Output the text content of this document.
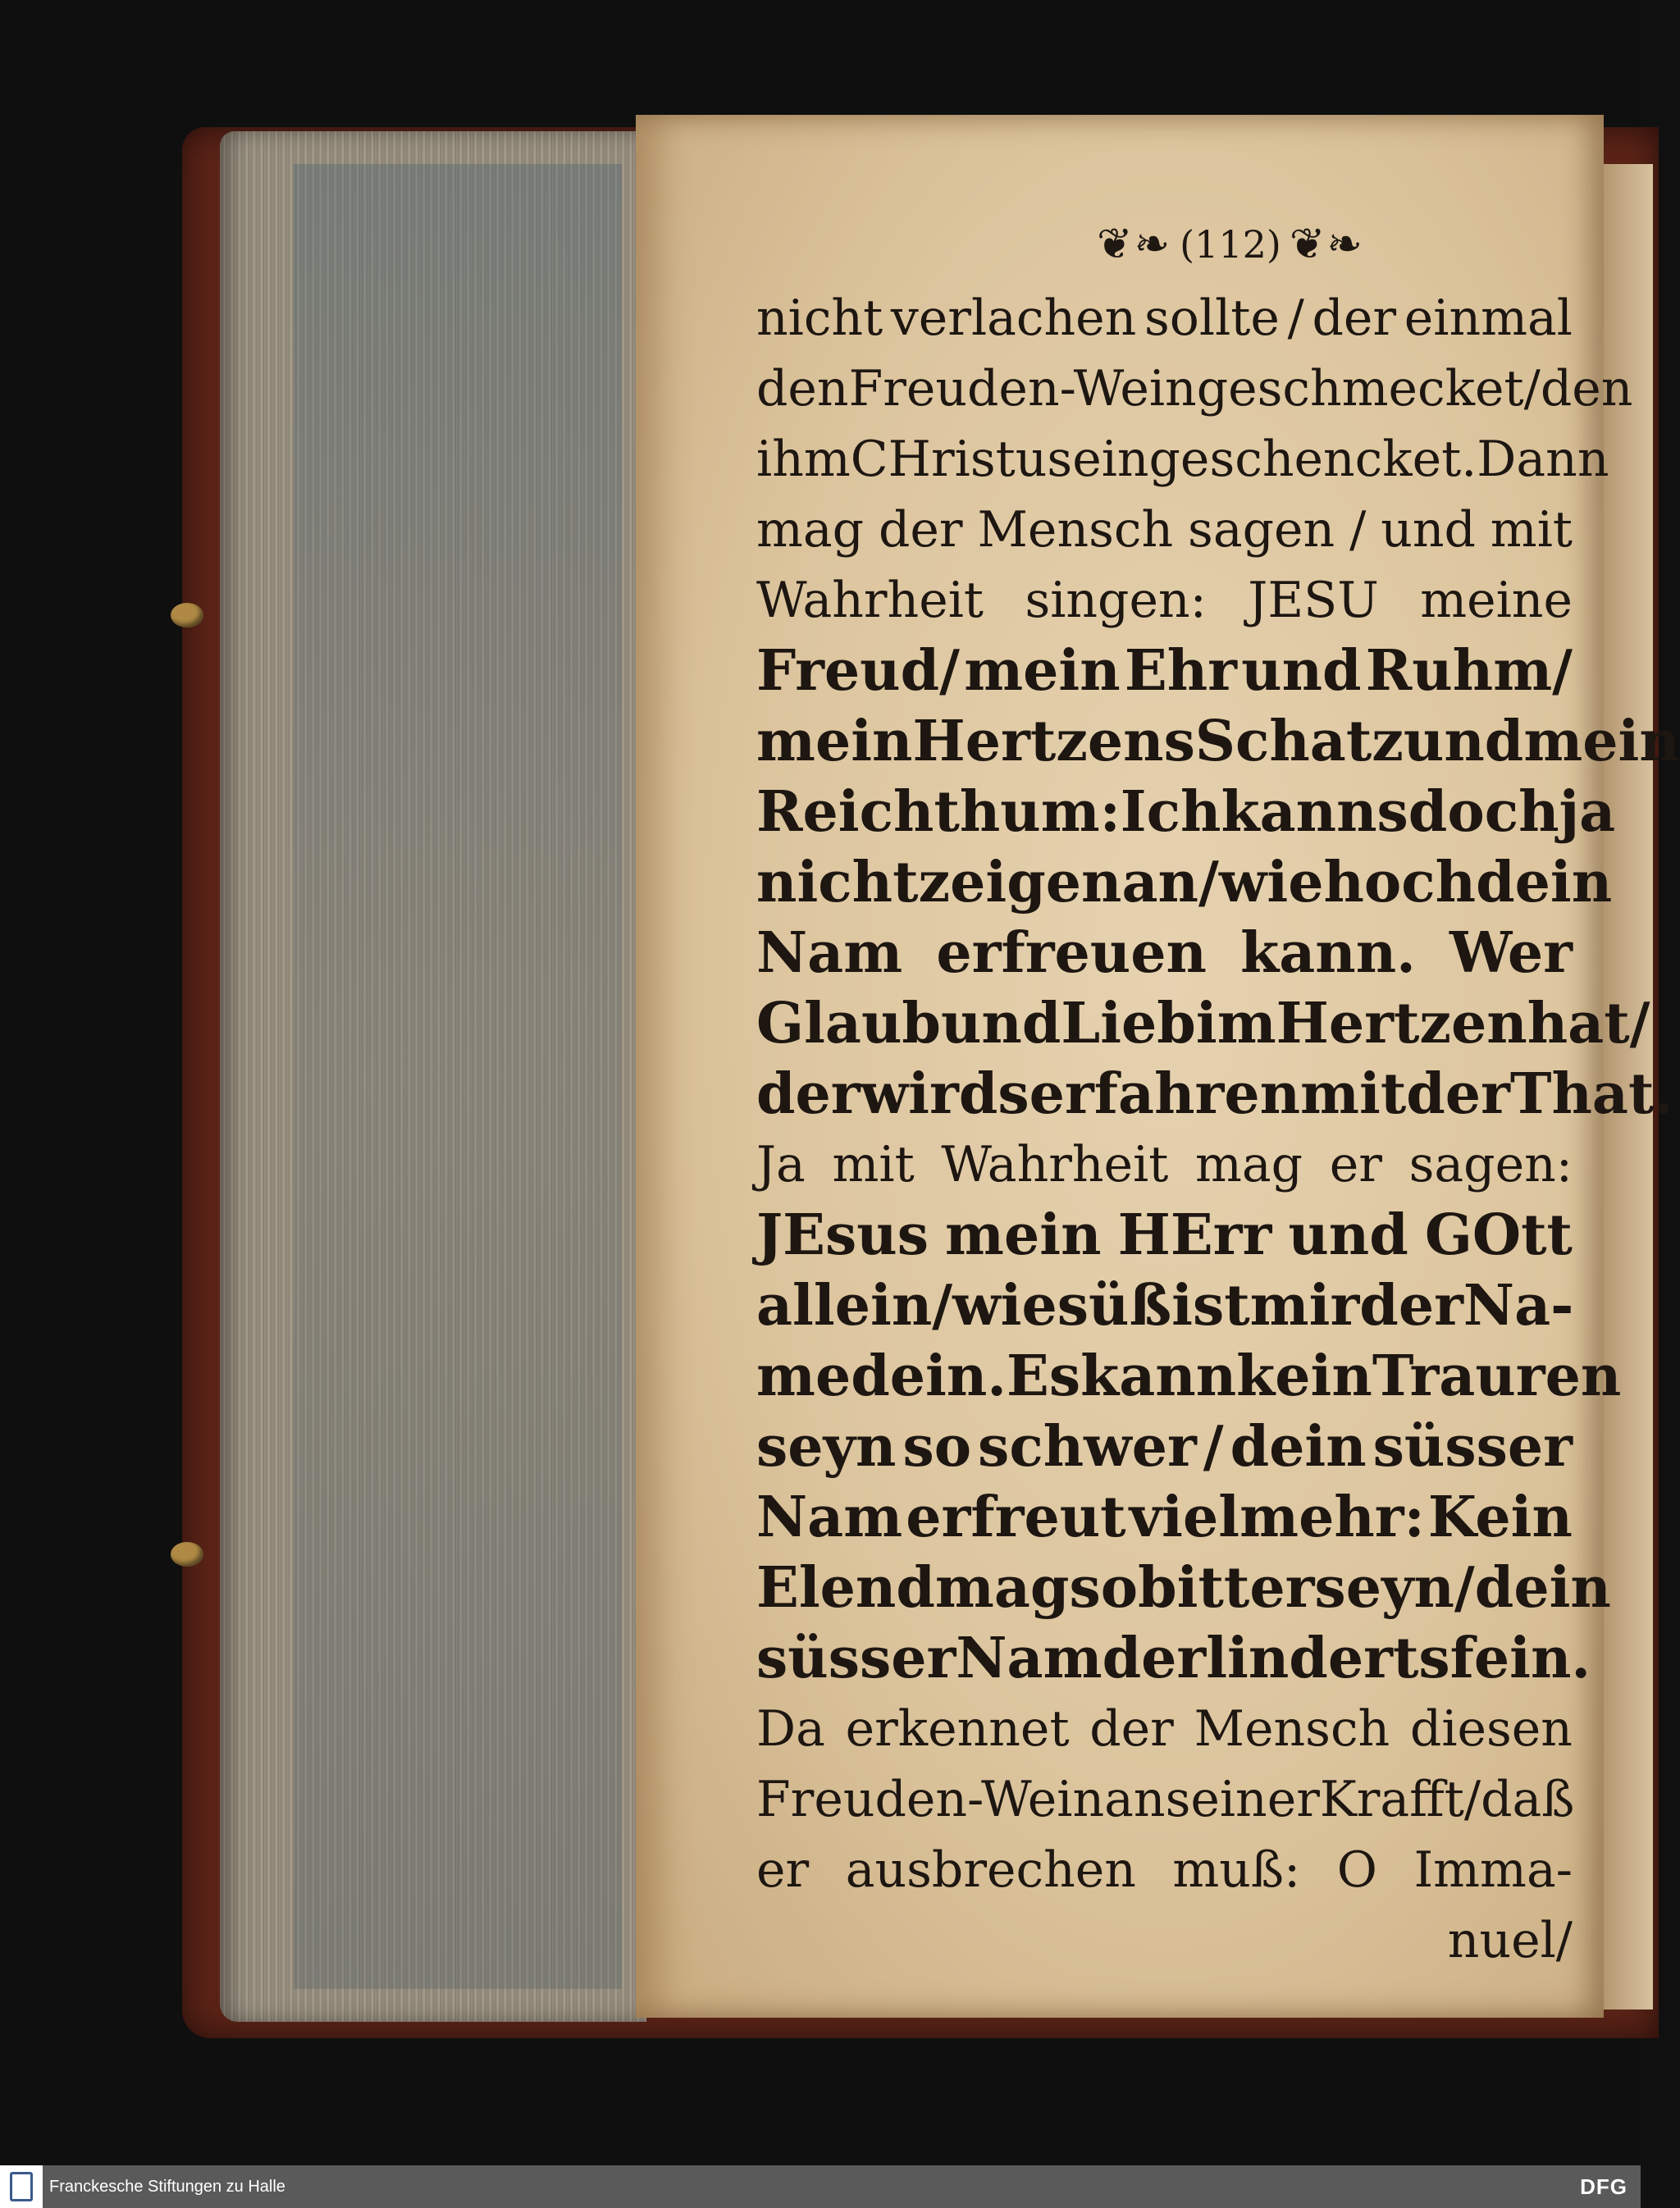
❦❧ (112) ❦❧
nicht verlachen sollte / der einmal
den Freuden-Wein geschmecket / den
ihm CHristus eingeschencket. Dann
mag der Mensch sagen / und mit
Wahrheit singen: JESU meine
Freud/ mein Ehr und Ruhm/
mein HertzensSchatz und mein
Reichthum: Ich kanns doch ja
nicht zeigen an/ wie hoch dein
Nam erfreuen kann. Wer
Glaub und Lieb im Hertzen hat/
der wirds erfahren mit der That.
Ja mit Wahrheit mag er sagen:
JEsus mein HErr und GOtt
allein/ wie süß ist mir der Na-
me dein. Es kann kein Trauren
seyn so schwer / dein süsser
Nam erfreut vielmehr: Kein
Elend mag so bitter seyn/ dein
süsser Nam der linderts fein.
Da erkennet der Mensch diesen
Freuden-Wein an seiner Krafft/ daß
er ausbrechen muß: O Imma-
nuel/
Franckesche Stiftungen zu Halle	DFG
